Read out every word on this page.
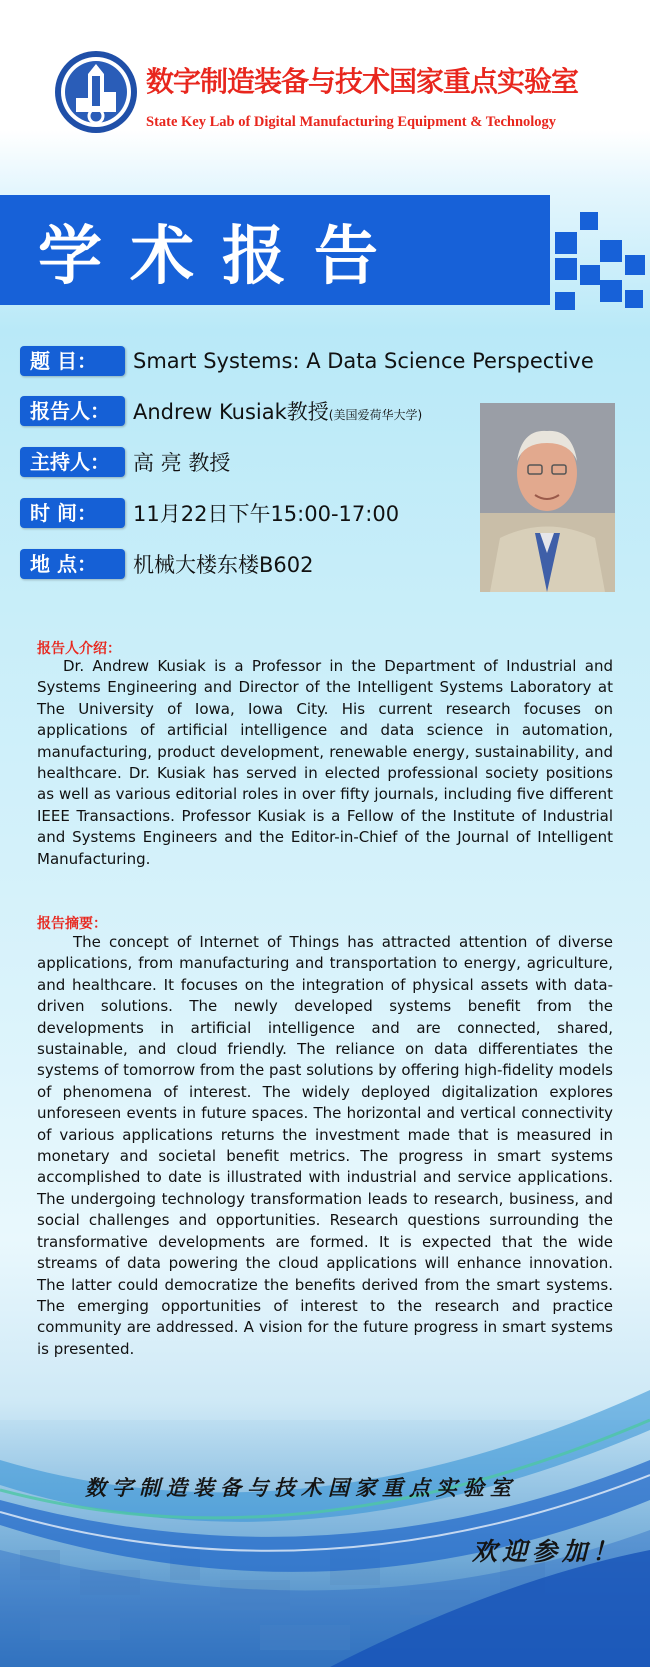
数字制造装备与技术国家重点实验室
State Key Lab of Digital Manufacturing Equipment & Technology
学术报告
题 目：	Smart Systems: A Data Science Perspective
报告人：	Andrew Kusiak教授(美国爱荷华大学)
主持人：	高 亮 教授
时 间：	11月22日下午15:00-17:00
地 点：	机械大楼东楼B602
报告人介绍：
Dr. Andrew Kusiak is a Professor in the Department of Industrial and Systems Engineering and Director of the Intelligent Systems Laboratory at The University of Iowa, Iowa City. His current research focuses on applications of artificial intelligence and data science in automation, manufacturing, product development, renewable energy, sustainability, and healthcare. Dr. Kusiak has served in elected professional society positions as well as various editorial roles in over fifty journals, including five different IEEE Transactions. Professor Kusiak is a Fellow of the Institute of Industrial and Systems Engineers and the Editor-in-Chief of the Journal of Intelligent Manufacturing.
报告摘要：
The concept of Internet of Things has attracted attention of diverse applications, from manufacturing and transportation to energy, agriculture, and healthcare. It focuses on the integration of physical assets with data-driven solutions. The newly developed systems benefit from the developments in artificial intelligence and are connected, shared, sustainable, and cloud friendly. The reliance on data differentiates the systems of tomorrow from the past solutions by offering high-fidelity models of phenomena of interest. The widely deployed digitalization explores unforeseen events in future spaces. The horizontal and vertical connectivity of various applications returns the investment made that is measured in monetary and societal benefit metrics. The progress in smart systems accomplished to date is illustrated with industrial and service applications. The undergoing technology transformation leads to research, business, and social challenges and opportunities. Research questions surrounding the transformative developments are formed. It is expected that the wide streams of data powering the cloud applications will enhance innovation. The latter could democratize the benefits derived from the smart systems. The emerging opportunities of interest to the research and practice community are addressed. A vision for the future progress in smart systems is presented.
数字制造装备与技术国家重点实验室
欢迎参加！
